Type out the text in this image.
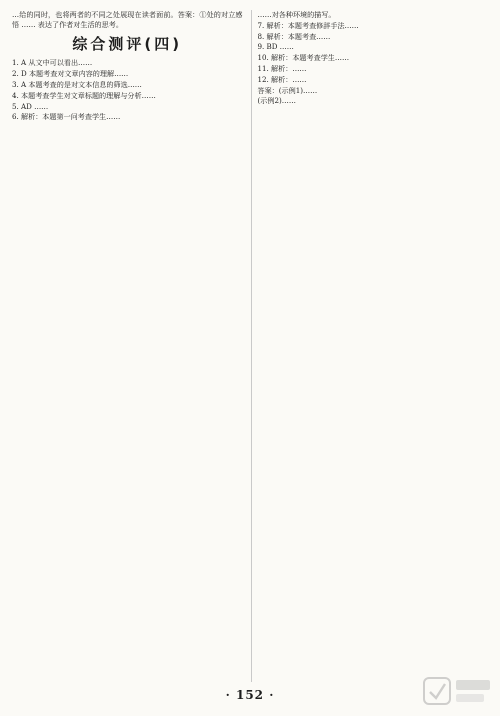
…给的同时，也将两者的不同之处展现在读者面前。答案：①处的对立感悟 …… 表达了作者对生活的思考。

综合测评(四)

1. A 从文中可以看出……

2. D 本题考查对文章内容的理解……

3. A 本题考查的是对文本信息的筛选……

4. 本题考查学生对文章标题的理解与分析……

5. AD ……

6. 解析：本题第一问考查学生……

……对各种环境的描写。

7. 解析：本题考查修辞手法……

8. 解析：本题考查……

9. BD ……

10. 解析：本题考查学生……

11. 解析：……

12. 解析：……

答案：(示例1)……

(示例2)……

· 152 ·
